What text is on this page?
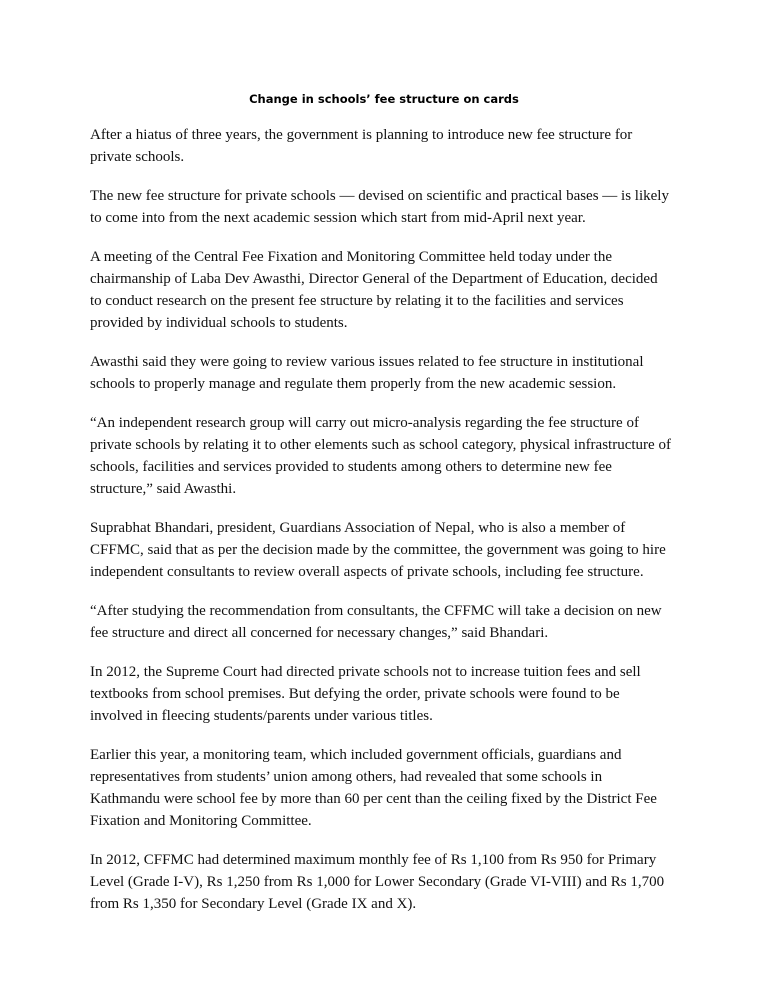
Change in schools’ fee structure on cards

After a hiatus of three years, the government is planning to introduce new fee structure for
private schools.

The new fee structure for private schools — devised on scientific and practical bases — is likely
to come into from the next academic session which start from mid-April next year.

A meeting of the Central Fee Fixation and Monitoring Committee held today under the
chairmanship of Laba Dev Awasthi, Director General of the Department of Education, decided
to conduct research on the present fee structure by relating it to the facilities and services
provided by individual schools to students.

Awasthi said they were going to review various issues related to fee structure in institutional
schools to properly manage and regulate them properly from the new academic session.

“An independent research group will carry out micro-analysis regarding the fee structure of
private schools by relating it to other elements such as school category, physical infrastructure of
schools, facilities and services provided to students among others to determine new fee
structure,” said Awasthi.

Suprabhat Bhandari, president, Guardians Association of Nepal, who is also a member of
CFFMC, said that as per the decision made by the committee, the government was going to hire
independent consultants to review overall aspects of private schools, including fee structure.

“After studying the recommendation from consultants, the CFFMC will take a decision on new
fee structure and direct all concerned for necessary changes,” said Bhandari.

In 2012, the Supreme Court had directed private schools not to increase tuition fees and sell
textbooks from school premises. But defying the order, private schools were found to be
involved in fleecing students/parents under various titles.

Earlier this year, a monitoring team, which included government officials, guardians and
representatives from students’ union among others, had revealed that some schools in
Kathmandu were school fee by more than 60 per cent than the ceiling fixed by the District Fee
Fixation and Monitoring Committee.

In 2012, CFFMC had determined maximum monthly fee of Rs 1,100 from Rs 950 for Primary
Level (Grade I-V), Rs 1,250 from Rs 1,000 for Lower Secondary (Grade VI-VIII) and Rs 1,700
from Rs 1,350 for Secondary Level (Grade IX and X).
